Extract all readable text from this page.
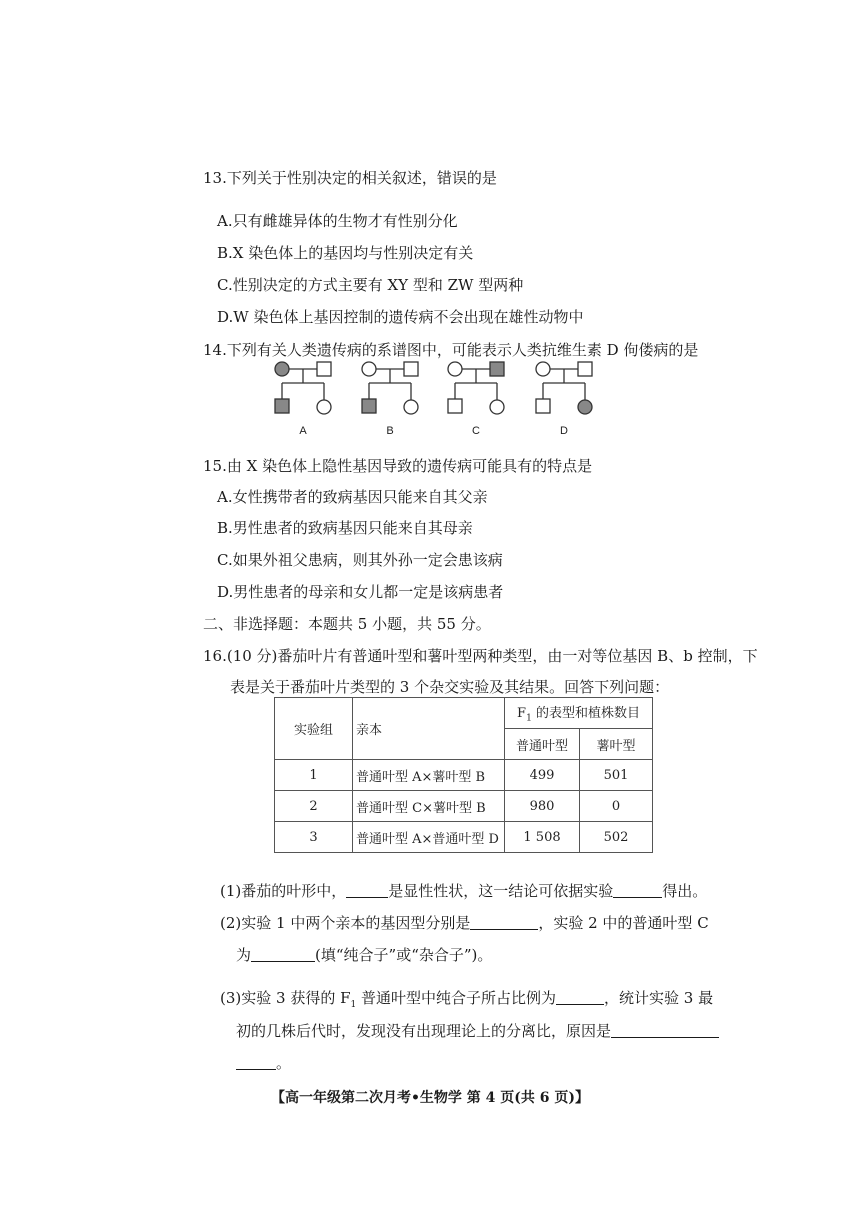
13.下列关于性别决定的相关叙述，错误的是
A.只有雌雄异体的生物才有性别分化
B.X 染色体上的基因均与性别决定有关
C.性别决定的方式主要有 XY 型和 ZW 型两种
D.W 染色体上基因控制的遗传病不会出现在雄性动物中
14.下列有关人类遗传病的系谱图中，可能表示人类抗维生素 D 佝偻病的是
A	B	C	D
15.由 X 染色体上隐性基因导致的遗传病可能具有的特点是
A.女性携带者的致病基因只能来自其父亲
B.男性患者的致病基因只能来自其母亲
C.如果外祖父患病，则其外孙一定会患该病
D.男性患者的母亲和女儿都一定是该病患者
二、非选择题：本题共 5 小题，共 55 分。
16.(10 分)番茄叶片有普通叶型和薯叶型两种类型，由一对等位基因 B、b 控制，下
表是关于番茄叶片类型的 3 个杂交实验及其结果。回答下列问题：
实验组	亲本	$F_1$ 的表型和植株数目	
		普通叶型	薯叶型
1	普通叶型 A×薯叶型 B	499	501
2	普通叶型 C×薯叶型 B	980	0
3	普通叶型 A×普通叶型 D	1 508	502
(1)番茄的叶形中，	是显性性状，这一结论可依据实验	得出。
(2)实验 1 中两个亲本的基因型分别是	，实验 2 中的普通叶型 C
为	(填“纯合子”或“杂合子”)。
(3)实验 3 获得的 $F_1$ 普通叶型中纯合子所占比例为	，统计实验 3 最
初的几株后代时，发现没有出现理论上的分离比，原因是
。
【高一年级第二次月考•生物学 第 4 页(共 6 页)】
